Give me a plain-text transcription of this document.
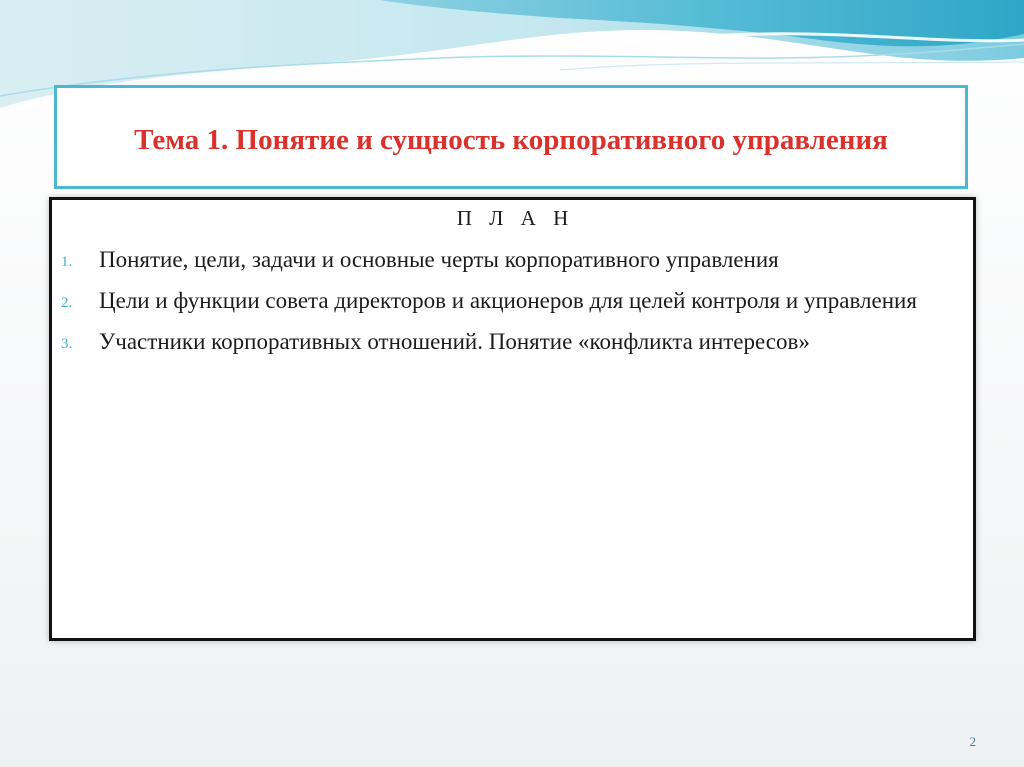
Тема 1. Понятие и сущность корпоративного управления
П Л А Н
1. Понятие, цели, задачи и основные черты корпоративного управления
2. Цели и функции совета директоров и акционеров для целей контроля и управления
3. Участники корпоративных отношений. Понятие «конфликта интересов»
2
